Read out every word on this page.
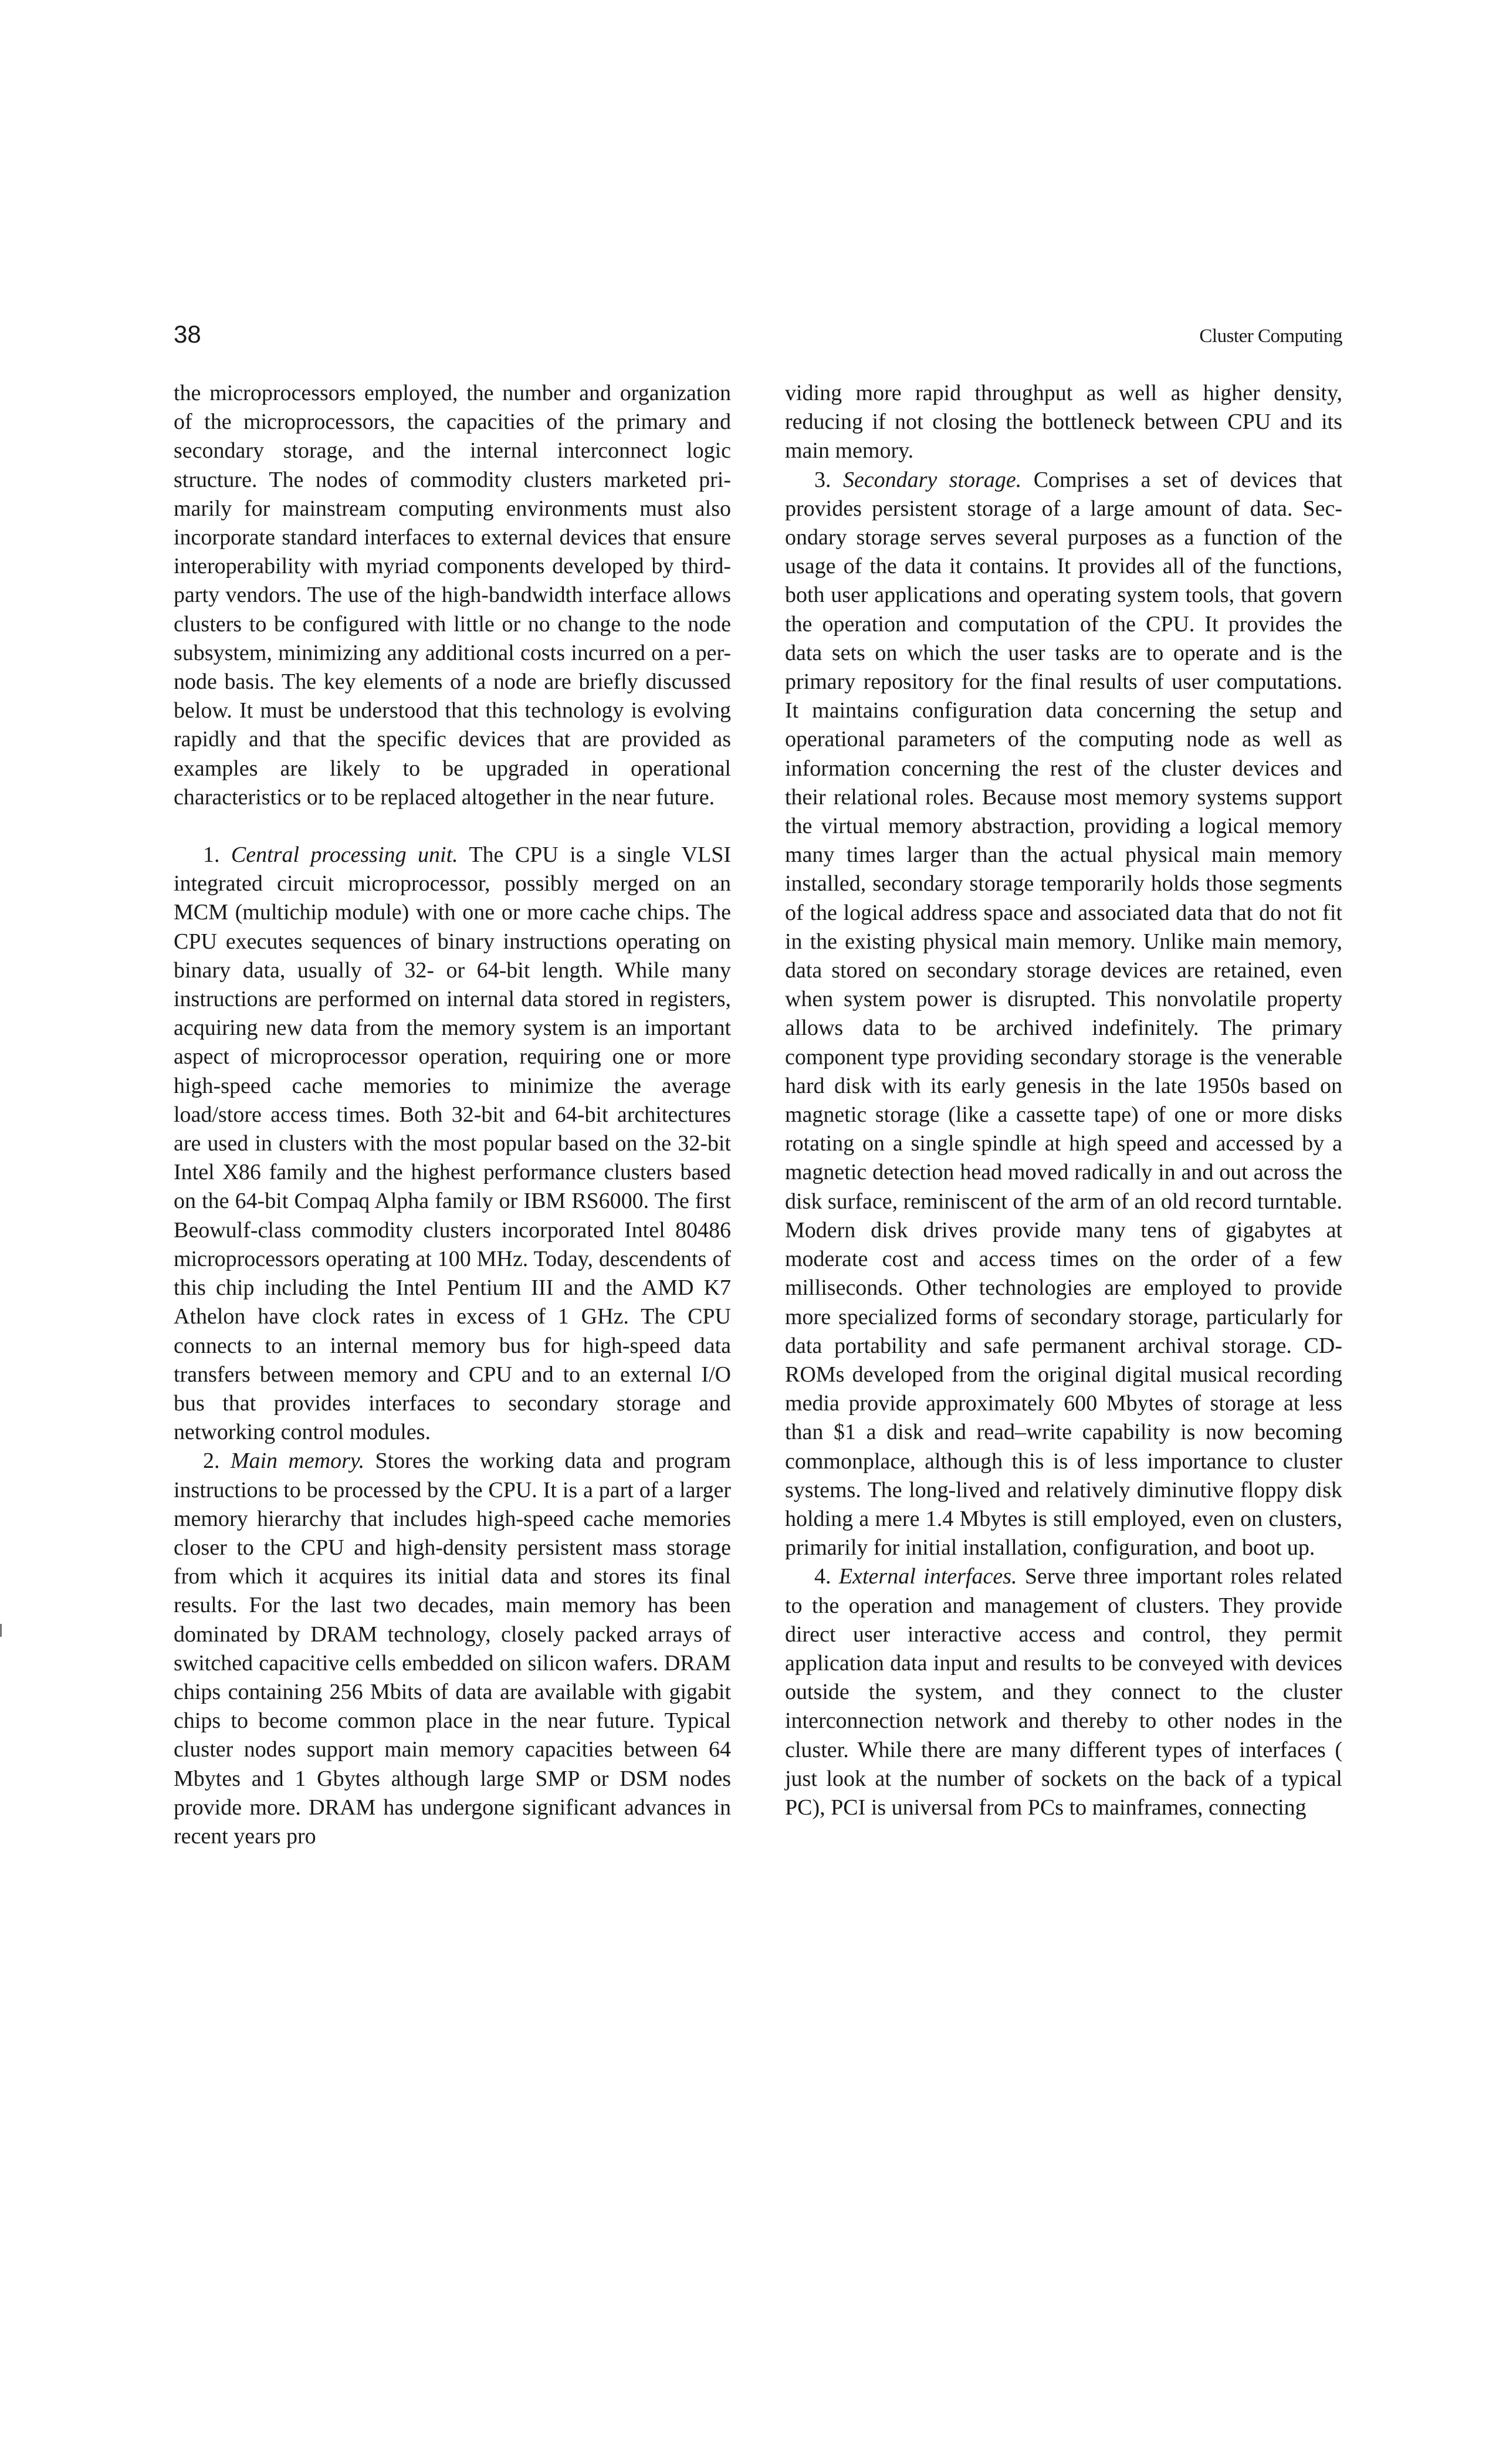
38	Cluster Computing

the microprocessors employed, the number and organization of the microprocessors, the capacities of the primary and secondary storage, and the internal interconnect logic structure. The nodes of commodity clusters marketed primarily for mainstream computing environments must also incorporate standard interfaces to external devices that ensure interoperability with myriad components developed by third-party vendors. The use of the high-bandwidth interface allows clusters to be configured with little or no change to the node subsystem, minimizing any additional costs incurred on a per-node basis. The key elements of a node are briefly discussed below. It must be understood that this technology is evolving rapidly and that the specific devices that are provided as examples are likely to be upgraded in operational characteristics or to be replaced altogether in the near future.

1. Central processing unit. The CPU is a single VLSI integrated circuit microprocessor, possibly merged on an MCM (multichip module) with one or more cache chips. The CPU executes sequences of binary instructions operating on binary data, usually of 32- or 64-bit length. While many instructions are performed on internal data stored in registers, acquiring new data from the memory system is an important aspect of microprocessor operation, requiring one or more high-speed cache memories to minimize the average load/store access times. Both 32-bit and 64-bit architectures are used in clusters with the most popular based on the 32-bit Intel X86 family and the highest performance clusters based on the 64-bit Compaq Alpha family or IBM RS6000. The first Beowulf-class commodity clusters incorporated Intel 80486 microprocessors operating at 100 MHz. Today, descendents of this chip including the Intel Pentium III and the AMD K7 Athelon have clock rates in excess of 1 GHz. The CPU connects to an internal memory bus for high-speed data transfers between memory and CPU and to an external I/O bus that provides interfaces to secondary storage and networking control modules.

2. Main memory. Stores the working data and program instructions to be processed by the CPU. It is a part of a larger memory hierarchy that includes high-speed cache memories closer to the CPU and high-density persistent mass storage from which it acquires its initial data and stores its final results. For the last two decades, main memory has been dominated by DRAM technology, closely packed arrays of switched capacitive cells embedded on silicon wafers. DRAM chips containing 256 Mbits of data are available with gigabit chips to become common place in the near future. Typical cluster nodes support main memory capacities between 64 Mbytes and 1 Gbytes although large SMP or DSM nodes provide more. DRAM has undergone significant advances in recent years pro

viding more rapid throughput as well as higher density, reducing if not closing the bottleneck between CPU and its main memory.

3. Secondary storage. Comprises a set of devices that provides persistent storage of a large amount of data. Secondary storage serves several purposes as a function of the usage of the data it contains. It provides all of the functions, both user applications and operating system tools, that govern the operation and computation of the CPU. It provides the data sets on which the user tasks are to operate and is the primary repository for the final results of user computations. It maintains configuration data concerning the setup and operational parameters of the computing node as well as information concerning the rest of the cluster devices and their relational roles. Because most memory systems support the virtual memory abstraction, providing a logical memory many times larger than the actual physical main memory installed, secondary storage temporarily holds those segments of the logical address space and associated data that do not fit in the existing physical main memory. Unlike main memory, data stored on secondary storage devices are retained, even when system power is disrupted. This nonvolatile property allows data to be archived indefinitely. The primary component type providing secondary storage is the venerable hard disk with its early genesis in the late 1950s based on magnetic storage (like a cassette tape) of one or more disks rotating on a single spindle at high speed and accessed by a magnetic detection head moved radically in and out across the disk surface, reminiscent of the arm of an old record turntable. Modern disk drives provide many tens of gigabytes at moderate cost and access times on the order of a few milliseconds. Other technologies are employed to provide more specialized forms of secondary storage, particularly for data portability and safe permanent archival storage. CD-ROMs developed from the original digital musical recording media provide approximately 600 Mbytes of storage at less than $1 a disk and read–write capability is now becoming commonplace, although this is of less importance to cluster systems. The long-lived and relatively diminutive floppy disk holding a mere 1.4 Mbytes is still employed, even on clusters, primarily for initial installation, configuration, and boot up.

4. External interfaces. Serve three important roles related to the operation and management of clusters. They provide direct user interactive access and control, they permit application data input and results to be conveyed with devices outside the system, and they connect to the cluster interconnection network and thereby to other nodes in the cluster. While there are many different types of interfaces ( just look at the number of sockets on the back of a typical PC), PCI is universal from PCs to mainframes, connecting
